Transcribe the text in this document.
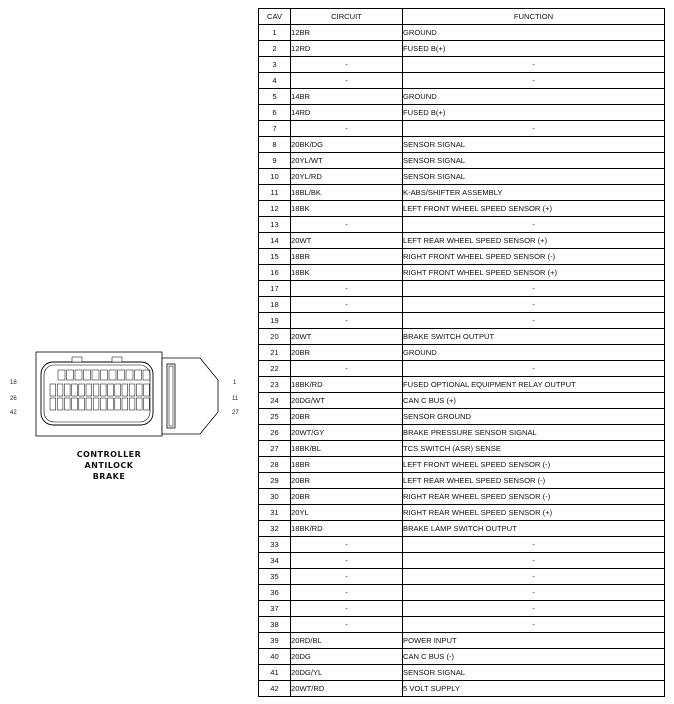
18
26
42
1
11
27
CONTROLLER
ANTILOCK
BRAKE
CAV	CIRCUIT	FUNCTION
1	12BR	GROUND
2	12RD	FUSED B(+)
3	-	-
4	-	-
5	14BR	GROUND
6	14RD	FUSED B(+)
7	-	-
8	20BK/DG	SENSOR SIGNAL
9	20YL/WT	SENSOR SIGNAL
10	20YL/RD	SENSOR SIGNAL
11	18BL/BK	K-ABS/SHIFTER ASSEMBLY
12	18BK	LEFT FRONT WHEEL SPEED SENSOR (+)
13	-	-
14	20WT	LEFT REAR WHEEL SPEED SENSOR (+)
15	18BR	RIGHT FRONT WHEEL SPEED SENSOR (-)
16	18BK	RIGHT FRONT WHEEL SPEED SENSOR (+)
17	-	-
18	-	-
19	-	-
20	20WT	BRAKE SWITCH OUTPUT
21	20BR	GROUND
22	-	-
23	18BK/RD	FUSED OPTIONAL EQUIPMENT RELAY OUTPUT
24	20DG/WT	CAN C BUS (+)
25	20BR	SENSOR GROUND
26	20WT/GY	BRAKE PRESSURE SENSOR SIGNAL
27	18BK/BL	TCS SWITCH (ASR) SENSE
28	18BR	LEFT FRONT WHEEL SPEED SENSOR (-)
29	20BR	LEFT REAR WHEEL SPEED SENSOR (-)
30	20BR	RIGHT REAR WHEEL SPEED SENSOR (-)
31	20YL	RIGHT REAR WHEEL SPEED SENSOR (+)
32	18BK/RD	BRAKE LAMP SWITCH OUTPUT
33	-	-
34	-	-
35	-	-
36	-	-
37	-	-
38	-	-
39	20RD/BL	POWER INPUT
40	20DG	CAN C BUS (-)
41	20DG/YL	SENSOR SIGNAL
42	20WT/RD	5 VOLT SUPPLY
